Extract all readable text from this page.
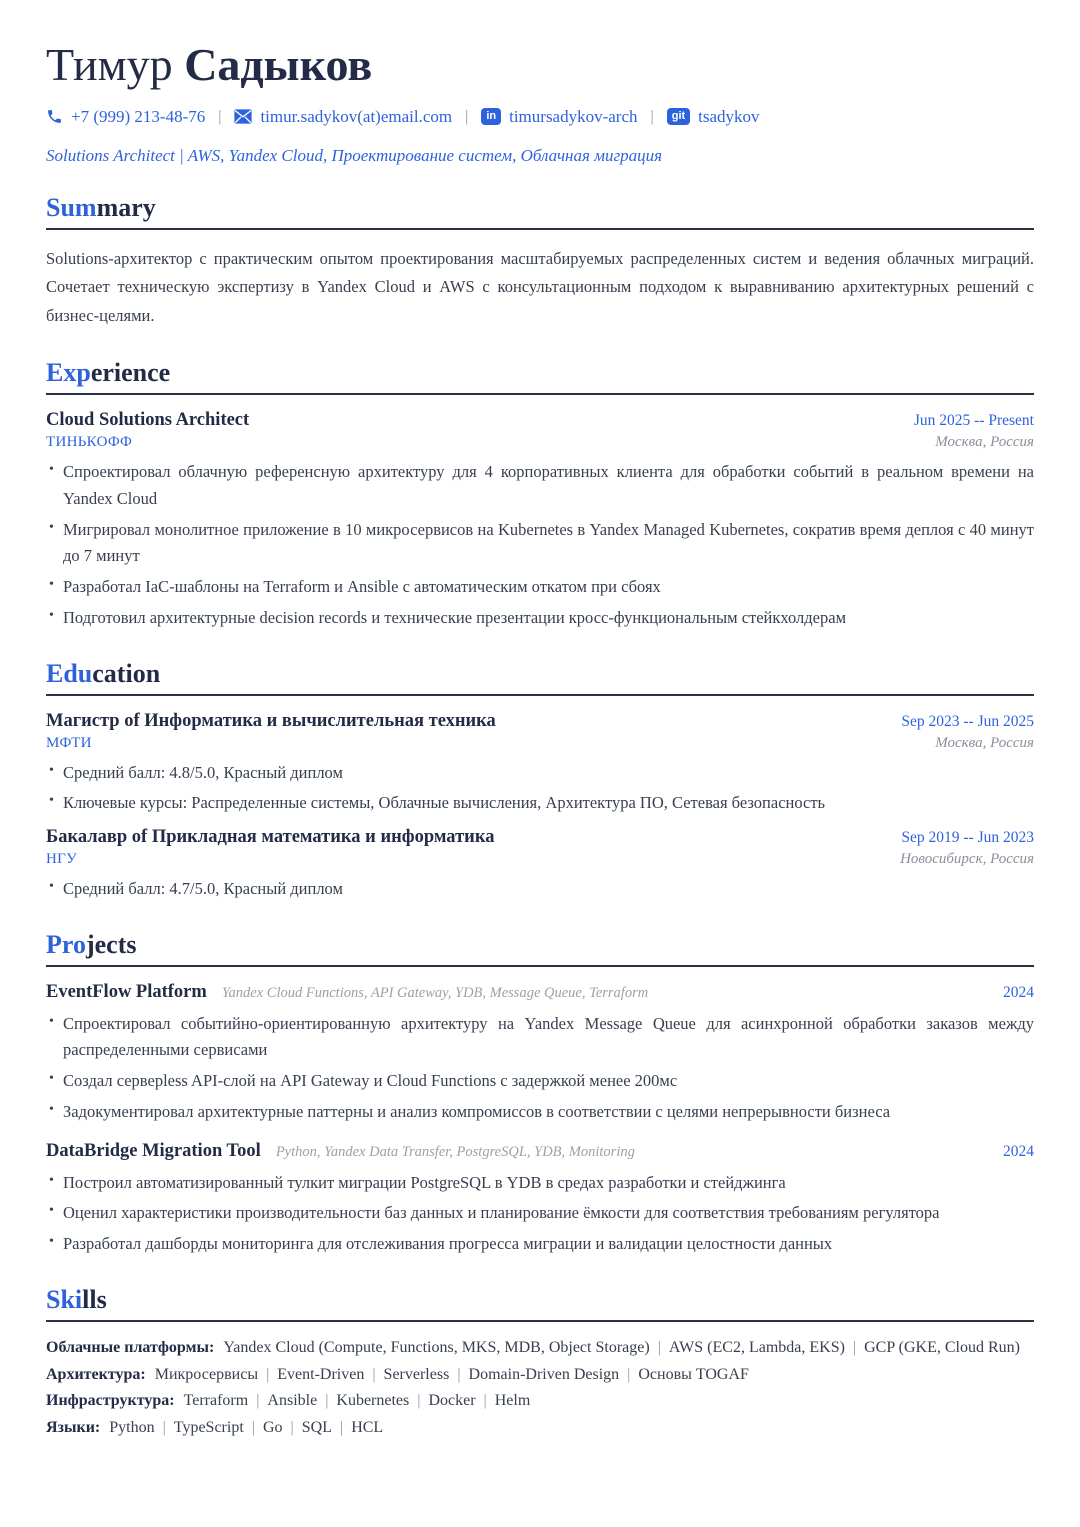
Тимур Садыков
+7 (999) 213-48-76 | timur.sadykov(at)email.com |	in timursadykov-arch |	git tsadykov
Solutions Architect | AWS, Yandex Cloud, Проектирование систем, Облачная миграция
Summary

Solutions-архитектор с практическим опытом проектирования масштабируемых распределенных систем и ведения облачных миграций. Сочетает техническую экспертизу в Yandex Cloud и AWS с консультационным подходом к выравниванию архитектурных решений с бизнес-целями.

Experience
Cloud Solutions Architect	Jun 2025 -- Present
ТИНЬКОФФ	Москва, Россия
• Спроектировал облачную референсную архитектуру для 4 корпоративных клиента для обработки событий в реальном времени на Yandex Cloud
• Мигрировал монолитное приложение в 10 микросервисов на Kubernetes в Yandex Managed Kubernetes, сократив время деплоя с 40 минут до 7 минут
• Разработал IaC-шаблоны на Terraform и Ansible с автоматическим откатом при сбоях
• Подготовил архитектурные decision records и технические презентации кросс-функциональным стейкхолдерам
Education
Магистр of Информатика и вычислительная техника	Sep 2023 -- Jun 2025
МФТИ	Москва, Россия
• Средний балл: 4.8/5.0, Красный диплом
• Ключевые курсы: Распределенные системы, Облачные вычисления, Архитектура ПО, Сетевая безопасность
Бакалавр of Прикладная математика и информатика	Sep 2019 -- Jun 2023
НГУ	Новосибирск, Россия
• Средний балл: 4.7/5.0, Красный диплом
Projects
EventFlow Platform Yandex Cloud Functions, API Gateway, YDB, Message Queue, Terraform	2024
• Спроектировал событийно-ориентированную архитектуру на Yandex Message Queue для асинхронной обработки заказов между распределенными сервисами
• Создал серверless API-слой на API Gateway и Cloud Functions с задержкой менее 200мс
• Задокументировал архитектурные паттерны и анализ компромиссов в соответствии с целями непрерывности бизнеса
DataBridge Migration Tool Python, Yandex Data Transfer, PostgreSQL, YDB, Monitoring	2024
• Построил автоматизированный тулкит миграции PostgreSQL в YDB в средах разработки и стейджинга
• Оценил характеристики производительности баз данных и планирование ёмкости для соответствия требованиям регулятора
• Разработал дашборды мониторинга для отслеживания прогресса миграции и валидации целостности данных
Skills
Облачные платформы: Yandex Cloud (Compute, Functions, MKS, MDB, Object Storage) | AWS (EC2, Lambda, EKS) | GCP (GKE, Cloud Run)
Архитектура: Микросервисы | Event-Driven | Serverless | Domain-Driven Design | Основы TOGAF
Инфраструктура: Terraform | Ansible | Kubernetes | Docker | Helm
Языки: Python | TypeScript | Go | SQL | HCL
